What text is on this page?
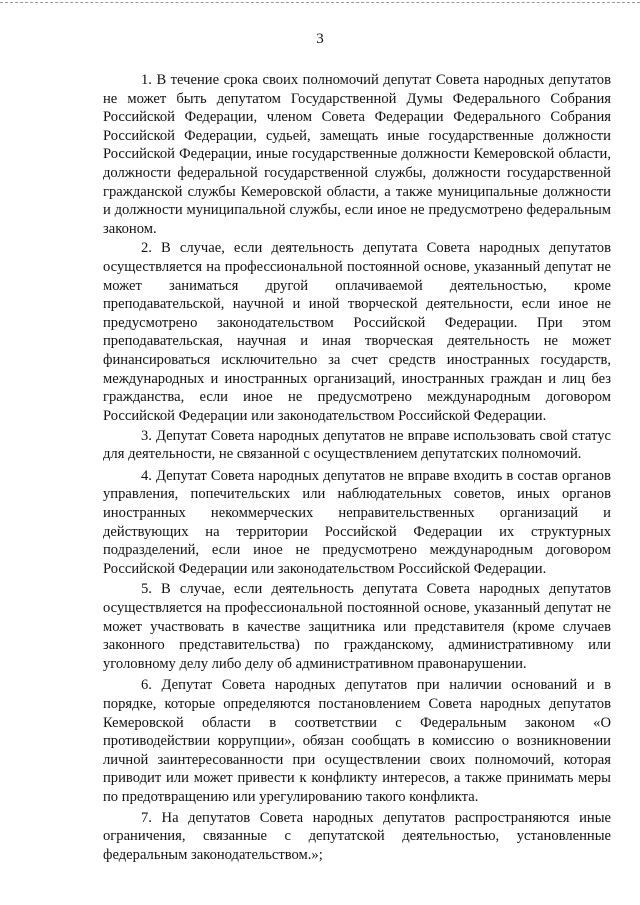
3

1. В течение срока своих полномочий депутат Совета народных депутатов не может быть депутатом Государственной Думы Федерального Собрания Российской Федерации, членом Совета Федерации Федерального Собрания Российской Федерации, судьей, замещать иные государственные должности Российской Федерации, иные государственные должности Кемеровской области, должности федеральной государственной службы, должности государственной гражданской службы Кемеровской области, а также муниципальные должности и должности муниципальной службы, если иное не предусмотрено федеральным законом.

2. В случае, если деятельность депутата Совета народных депутатов осуществляется на профессиональной постоянной основе, указанный депутат не может заниматься другой оплачиваемой деятельностью, кроме преподавательской, научной и иной творческой деятельности, если иное не предусмотрено законодательством Российской Федерации. При этом преподавательская, научная и иная творческая деятельность не может финансироваться исключительно за счет средств иностранных государств, международных и иностранных организаций, иностранных граждан и лиц без гражданства, если иное не предусмотрено международным договором Российской Федерации или законодательством Российской Федерации.

3. Депутат Совета народных депутатов не вправе использовать свой статус для деятельности, не связанной с осуществлением депутатских полномочий.

4. Депутат Совета народных депутатов не вправе входить в состав органов управления, попечительских или наблюдательных советов, иных органов иностранных некоммерческих неправительственных организаций и действующих на территории Российской Федерации их структурных подразделений, если иное не предусмотрено международным договором Российской Федерации или законодательством Российской Федерации.

5. В случае, если деятельность депутата Совета народных депутатов осуществляется на профессиональной постоянной основе, указанный депутат не может участвовать в качестве защитника или представителя (кроме случаев законного представительства) по гражданскому, административному или уголовному делу либо делу об административном правонарушении.

6. Депутат Совета народных депутатов при наличии оснований и в порядке, которые определяются постановлением Совета народных депутатов Кемеровской области в соответствии с Федеральным законом «О противодействии коррупции», обязан сообщать в комиссию о возникновении личной заинтересованности при осуществлении своих полномочий, которая приводит или может привести к конфликту интересов, а также принимать меры по предотвращению или урегулированию такого конфликта.

7. На депутатов Совета народных депутатов распространяются иные ограничения, связанные с депутатской деятельностью, установленные федеральным законодательством.»;
